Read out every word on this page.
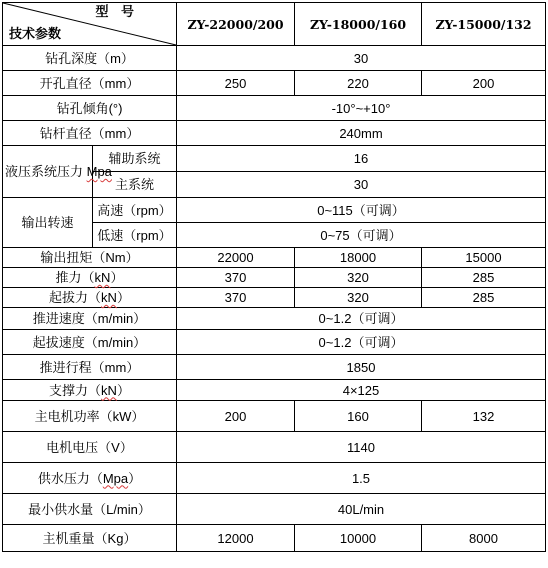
型 号
技术参数		ZY-22000/200	ZY-18000/160	ZY-15000/132
钻孔深度（m）		30		
开孔直径（mm）		250	220	200
钻孔倾角(°)		-10°~+10°		
钻杆直径（mm）		240mm		
液压系统压力 Mpa	辅助系统	16		
	主系统	30		
输出转速	高速（rpm）	0~115（可调）		
	低速（rpm）	0~75（可调）		
输出扭矩（Nm）		22000	18000	15000
推力（kN）		370	320	285
起拔力（kN）		370	320	285
推进速度（m/min）		0~1.2（可调）		
起拔速度（m/min）		0~1.2（可调）		
推进行程（mm）		1850		
支撑力（kN）		4×125		
主电机功率（kW）		200	160	132
电机电压（V）		1140		
供水压力（Mpa）		1.5		
最小供水量（L/min）		40L/min		
主机重量（Kg）		12000	10000	8000
